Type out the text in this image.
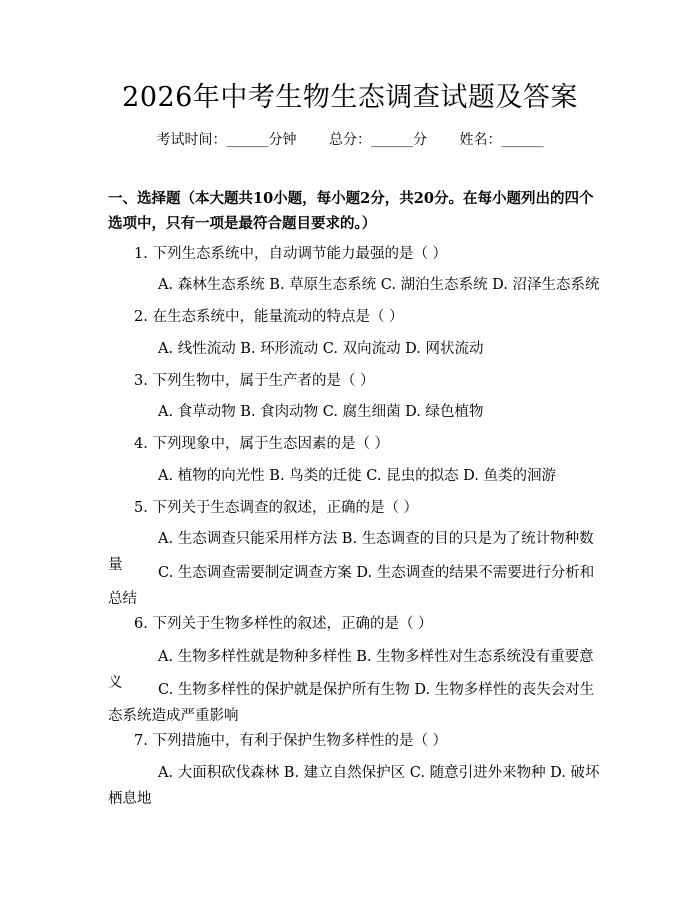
2026年中考生物生态调查试题及答案
考试时间：______分钟 总分：______分 姓名：______
一、选择题（本大题共10小题，每小题2分，共20分。在每小题列出的四个选项中，只有一项是最符合题目要求的。）
1. 下列生态系统中，自动调节能力最强的是（ ）
A. 森林生态系统 B. 草原生态系统 C. 湖泊生态系统 D. 沼泽生态系统
2. 在生态系统中，能量流动的特点是（ ）
A. 线性流动 B. 环形流动 C. 双向流动 D. 网状流动
3. 下列生物中，属于生产者的是（ ）
A. 食草动物 B. 食肉动物 C. 腐生细菌 D. 绿色植物
4. 下列现象中，属于生态因素的是（ ）
A. 植物的向光性 B. 鸟类的迁徙 C. 昆虫的拟态 D. 鱼类的洄游
5. 下列关于生态调查的叙述，正确的是（ ）
A. 生态调查只能采用样方法 B. 生态调查的目的只是为了统计物种数量	C. 生态调查需要制定调查方案 D. 生态调查的结果不需要进行分析和总结
6. 下列关于生物多样性的叙述，正确的是（ ）
A. 生物多样性就是物种多样性 B. 生物多样性对生态系统没有重要意义	C. 生物多样性的保护就是保护所有生物 D. 生物多样性的丧失会对生态系统造成严重影响
7. 下列措施中，有利于保护生物多样性的是（ ）
A. 大面积砍伐森林 B. 建立自然保护区 C. 随意引进外来物种 D. 破坏栖息地
